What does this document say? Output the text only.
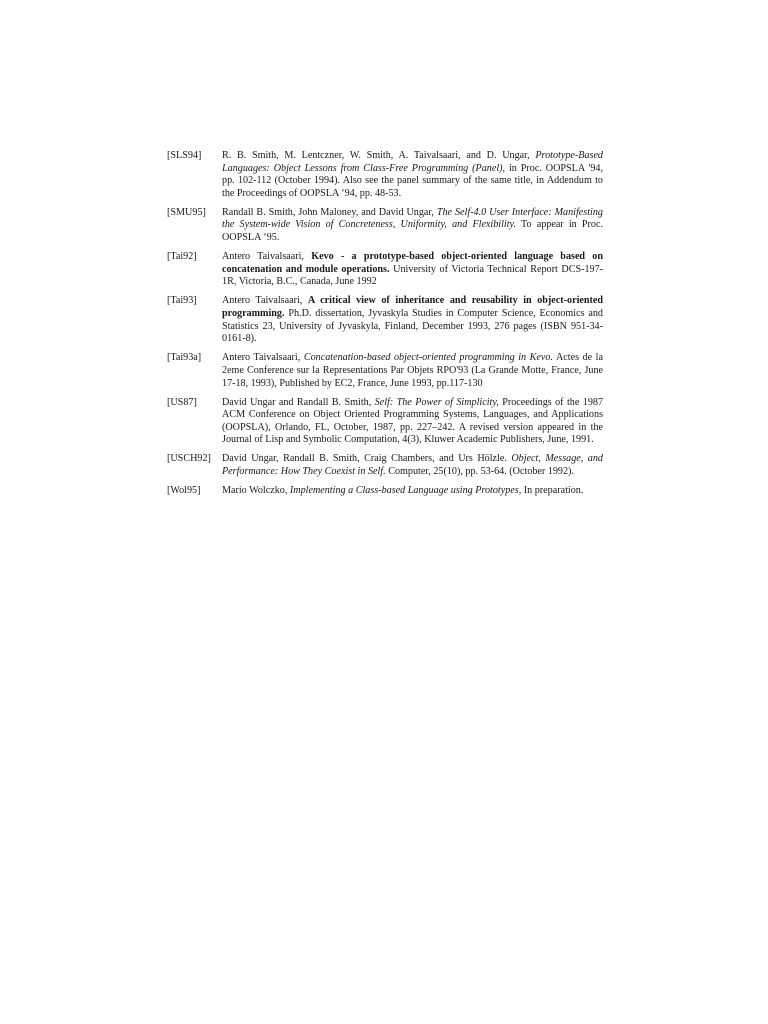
[SLS94]	R. B. Smith, M. Lentczner, W. Smith, A. Taivalsaari, and D. Ungar, Prototype-Based Languages: Object Lessons from Class-Free Programming (Panel), in Proc. OOPSLA '94, pp. 102-112 (October 1994). Also see the panel summary of the same title, in Addendum to the Proceedings of OOPSLA ‘94, pp. 48-53.
[SMU95]	Randall B. Smith, John Maloney, and David Ungar, The Self-4.0 User Interface: Manifesting the System-wide Vision of Concreteness, Uniformity, and Flexibility. To appear in Proc. OOPSLA ‘95.
[Tai92]	Antero Taivalsaari, Kevo - a prototype-based object-oriented language based on concatenation and module operations. University of Victoria Technical Report DCS-197-1R, Victoria, B.C., Canada, June 1992
[Tai93]	Antero Taivalsaari, A critical view of inheritance and reusability in object-oriented programming. Ph.D. dissertation, Jyvaskyla Studies in Computer Science, Economics and Statistics 23, University of Jyvaskyla, Finland, December 1993, 276 pages (ISBN 951-34-0161-8).
[Tai93a]	Antero Taivalsaari, Concatenation-based object-oriented programming in Kevo. Actes de la 2eme Conference sur la Representations Par Objets RPO'93 (La Grande Motte, France, June 17-18, 1993), Published by EC2, France, June 1993, pp.117-130
[US87]	David Ungar and Randall B. Smith, Self: The Power of Simplicity, Proceedings of the 1987 ACM Conference on Object Oriented Programming Systems, Languages, and Applications (OOPSLA), Orlando, FL, October, 1987, pp. 227–242. A revised version appeared in the Journal of Lisp and Symbolic Computation, 4(3), Kluwer Academic Publishers, June, 1991.
[USCH92]	David Ungar, Randall B. Smith, Craig Chambers, and Urs Hölzle. Object, Message, and Performance: How They Coexist in Self. Computer, 25(10), pp. 53-64. (October 1992).
[Wol95]	Mario Wolczko, Implementing a Class-based Language using Prototypes, In preparation.
